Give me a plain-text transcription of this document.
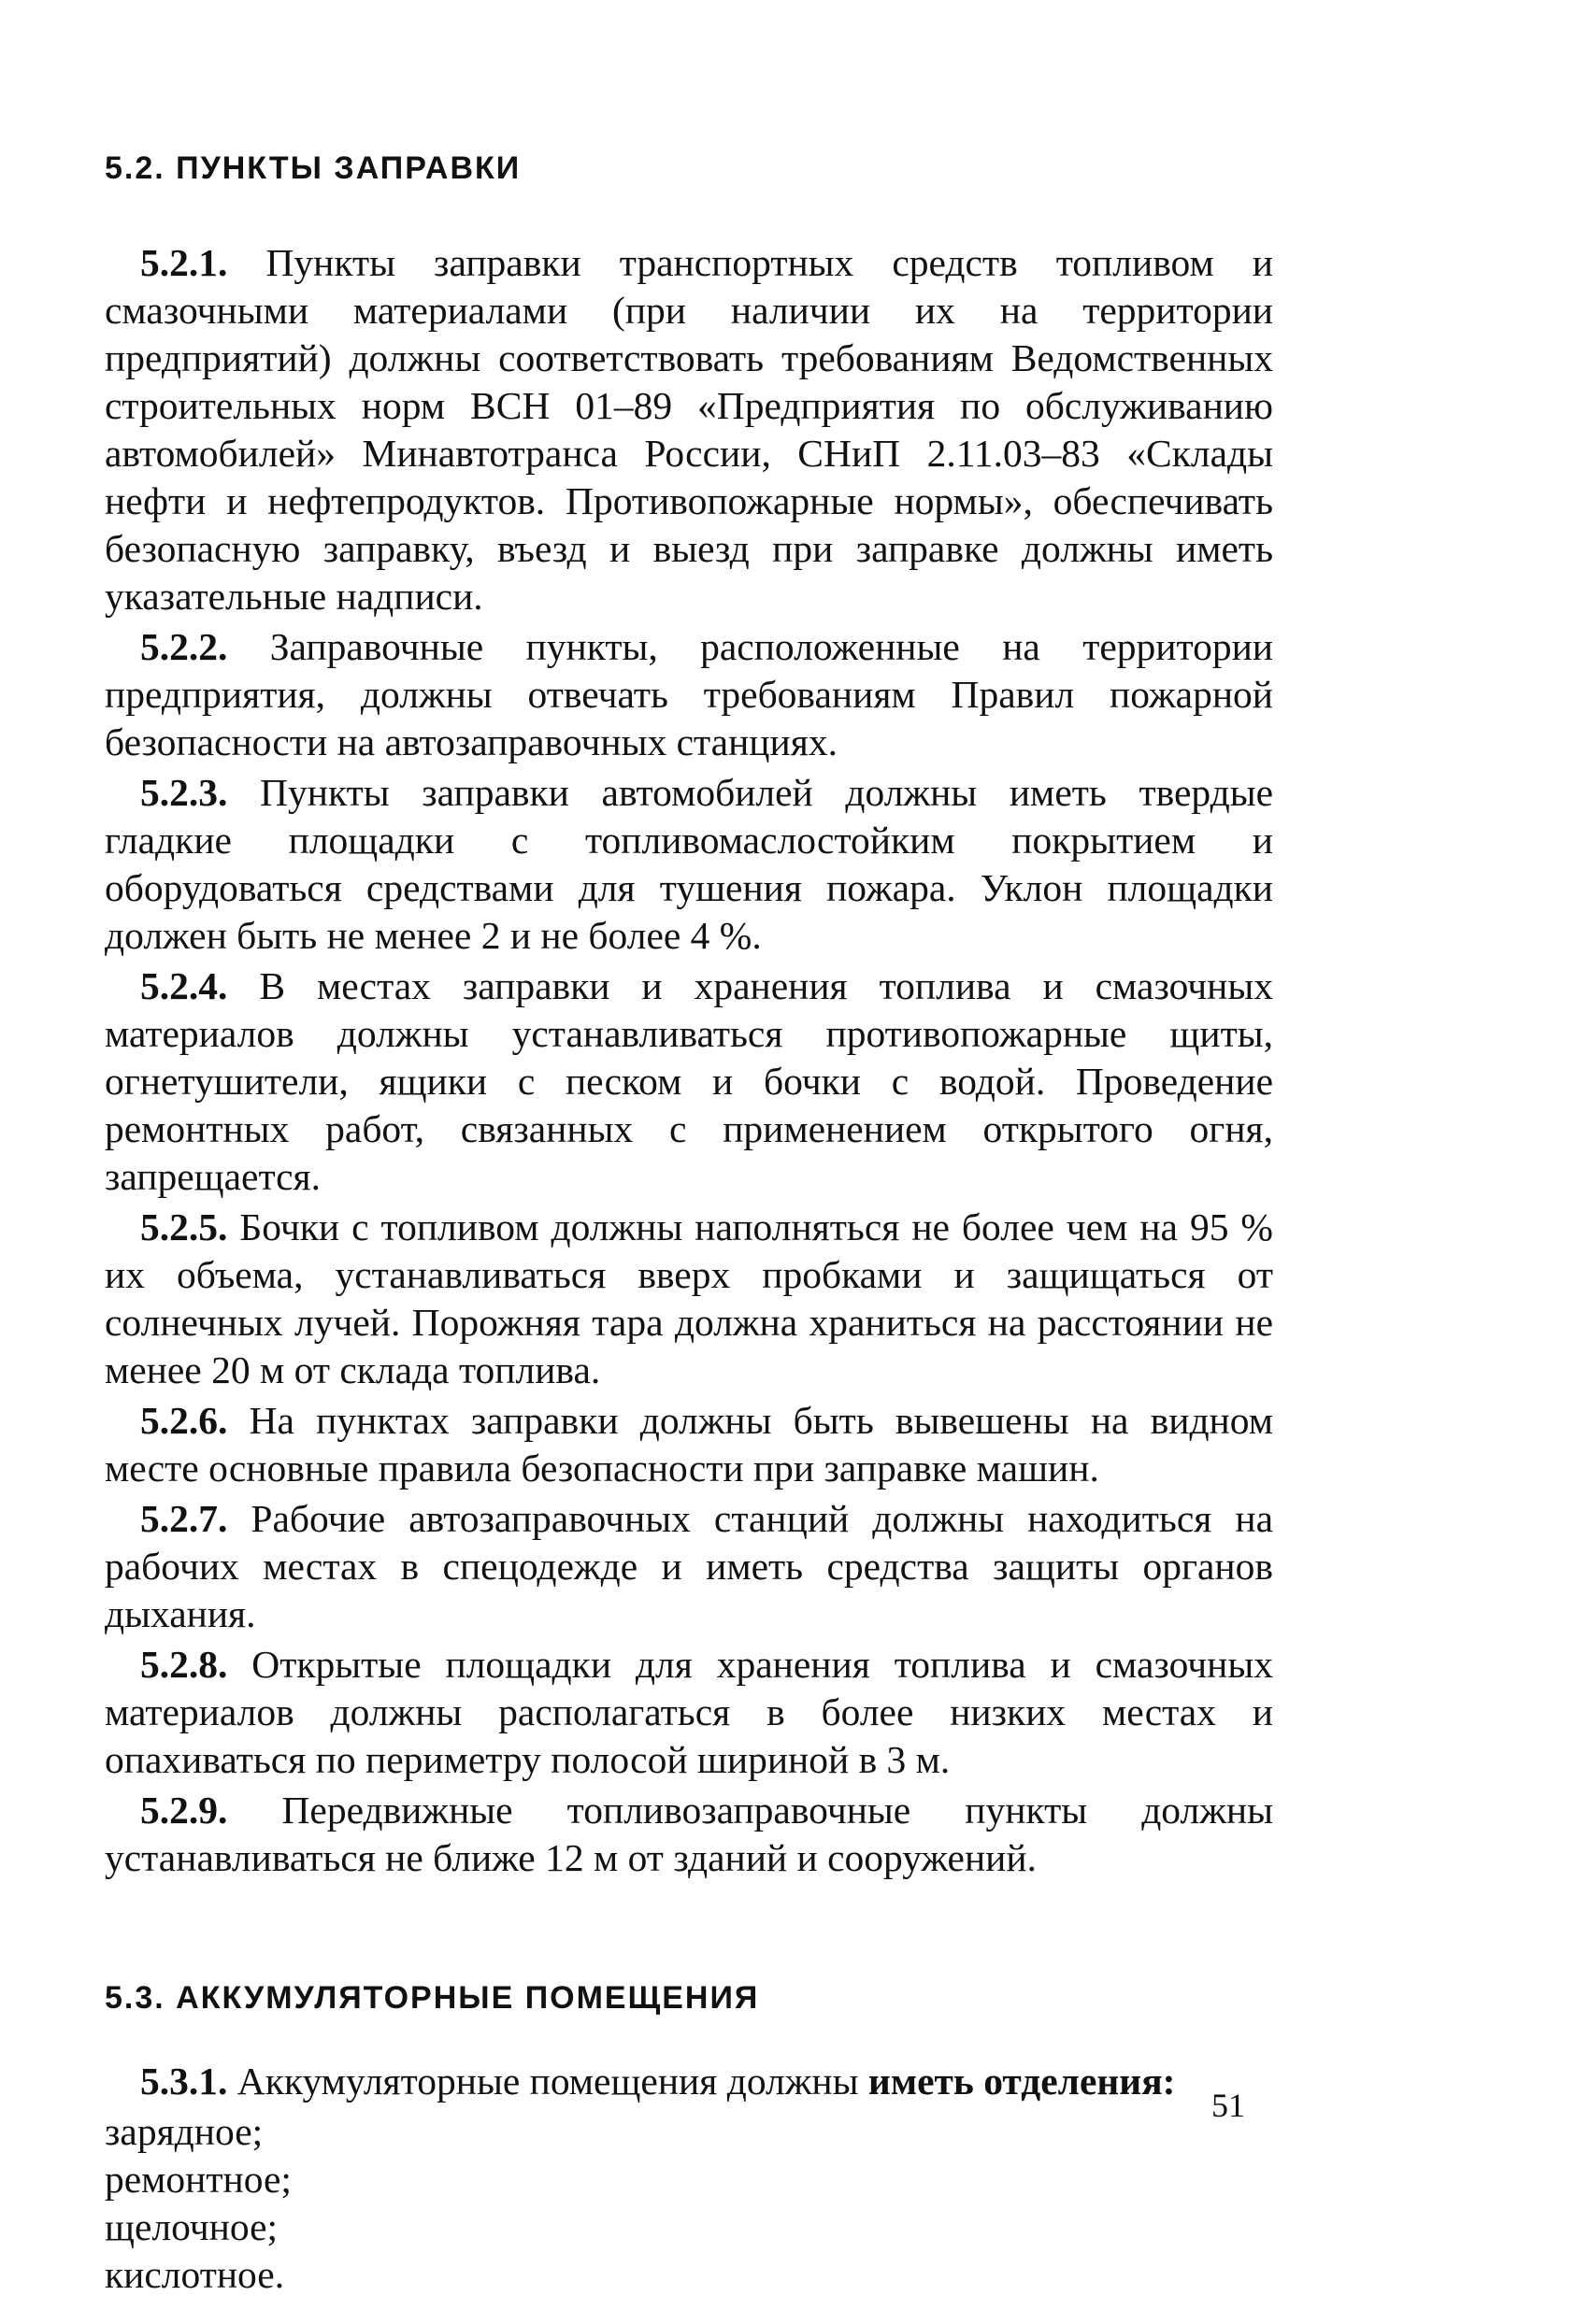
5.2. ПУНКТЫ ЗАПРАВКИ

5.2.1. Пункты заправки транспортных средств топливом и смазочными материалами (при наличии их на территории предприятий) должны соответствовать требованиям Ведомственных строительных норм ВСН 01–89 «Предприятия по обслуживанию автомобилей» Минавтотранса России, СНиП 2.11.03–83 «Склады нефти и нефтепродуктов. Противопожарные нормы», обеспечивать безопасную заправку, въезд и выезд при заправке должны иметь указательные надписи.

5.2.2. Заправочные пункты, расположенные на территории предприятия, должны отвечать требованиям Правил пожарной безопасности на автозаправочных станциях.

5.2.3. Пункты заправки автомобилей должны иметь твердые гладкие площадки с топливомаслостойким покрытием и оборудоваться средствами для тушения пожара. Уклон площадки должен быть не менее 2 и не более 4 %.

5.2.4. В местах заправки и хранения топлива и смазочных материалов должны устанавливаться противопожарные щиты, огнетушители, ящики с песком и бочки с водой. Проведение ремонтных работ, связанных с применением открытого огня, запрещается.

5.2.5. Бочки с топливом должны наполняться не более чем на 95 % их объема, устанавливаться вверх пробками и защищаться от солнечных лучей. Порожняя тара должна храниться на расстоянии не менее 20 м от склада топлива.

5.2.6. На пунктах заправки должны быть вывешены на видном месте основные правила безопасности при заправке машин.

5.2.7. Рабочие автозаправочных станций должны находиться на рабочих местах в спецодежде и иметь средства защиты органов дыхания.

5.2.8. Открытые площадки для хранения топлива и смазочных материалов должны располагаться в более низких местах и опахиваться по периметру полосой шириной в 3 м.

5.2.9. Передвижные топливозаправочные пункты должны устанавливаться не ближе 12 м от зданий и сооружений.

5.3. АККУМУЛЯТОРНЫЕ ПОМЕЩЕНИЯ

5.3.1. Аккумуляторные помещения должны иметь отделения:

зарядное;

ремонтное;

щелочное;

кислотное.

51
